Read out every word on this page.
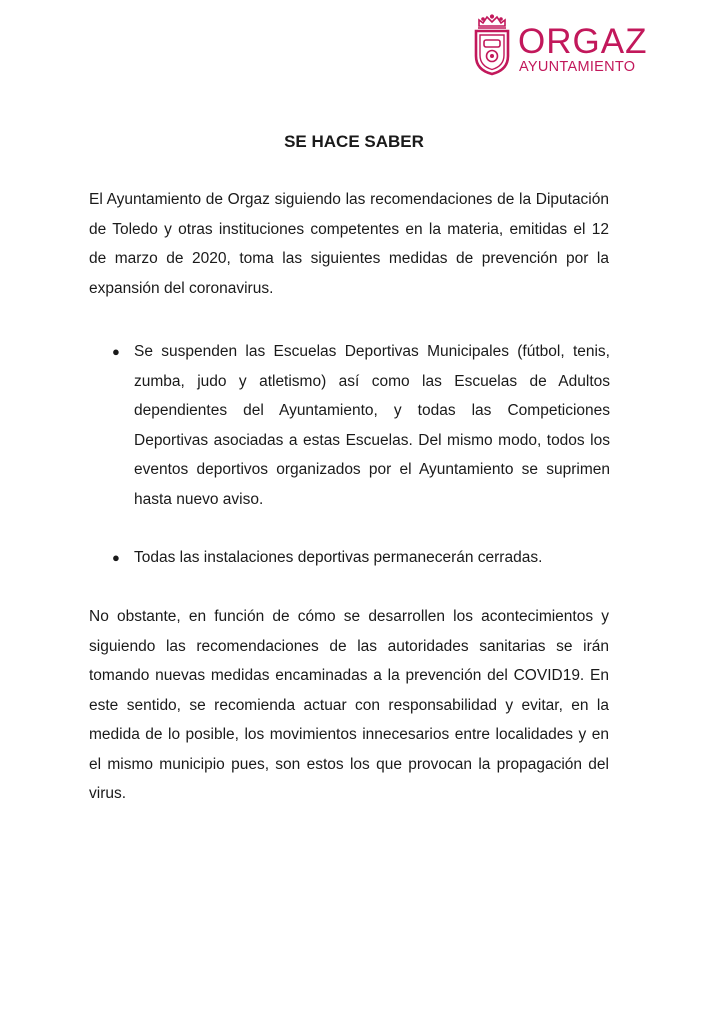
ORGAZ
AYUNTAMIENTO
SE HACE SABER

El Ayuntamiento de Orgaz siguiendo las recomendaciones de la Diputación de Toledo y otras instituciones competentes en la materia, emitidas el 12 de marzo de 2020, toma las siguientes medidas de prevención por la expansión del coronavirus.

● Se suspenden las Escuelas Deportivas Municipales (fútbol, tenis, zumba, judo y atletismo) así como las Escuelas de Adultos dependientes del Ayuntamiento, y todas las Competiciones Deportivas asociadas a estas Escuelas. Del mismo modo, todos los eventos deportivos organizados por el Ayuntamiento se suprimen hasta nuevo aviso.
● Todas las instalaciones deportivas permanecerán cerradas.

No obstante, en función de cómo se desarrollen los acontecimientos y siguiendo las recomendaciones de las autoridades sanitarias se irán tomando nuevas medidas encaminadas a la prevención del COVID19. En este sentido, se recomienda actuar con responsabilidad y evitar, en la medida de lo posible, los movimientos innecesarios entre localidades y en el mismo municipio pues, son estos los que provocan la propagación del virus.
